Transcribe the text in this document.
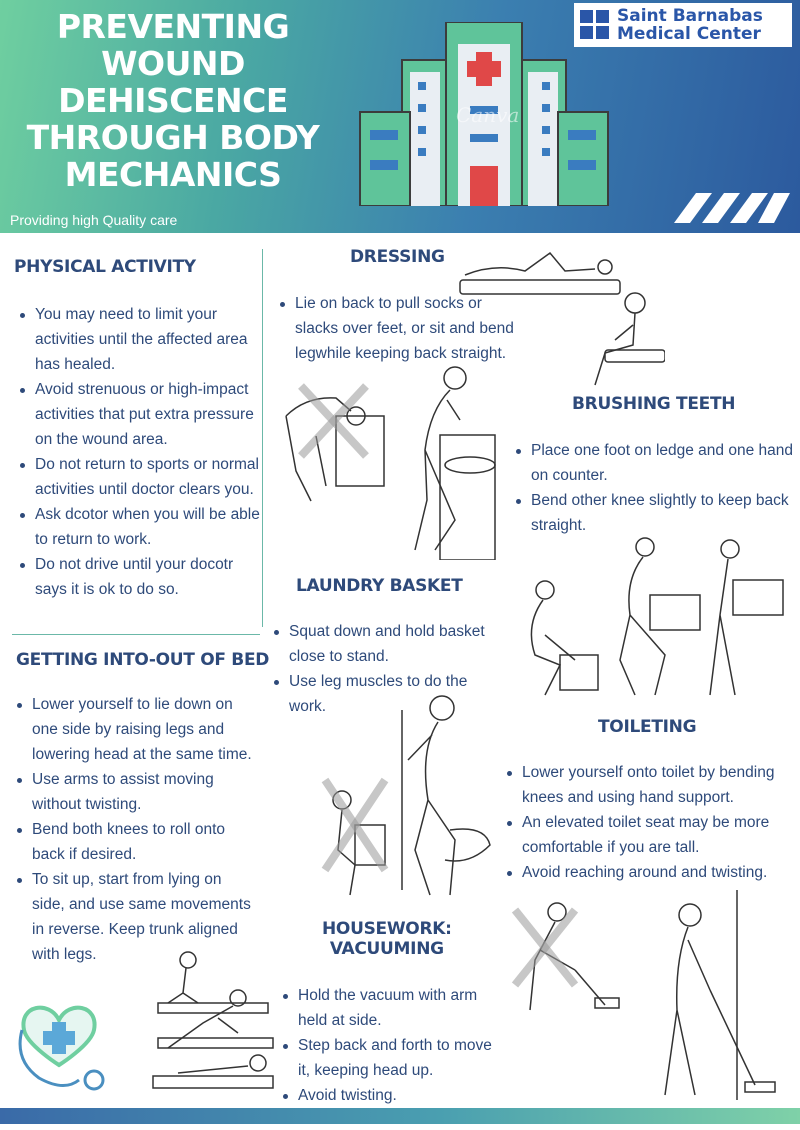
PREVENTING WOUND DEHISCENCE THROUGH BODY MECHANICS
Canva
Saint Barnabas
Medical Center
Providing high Quality care
PHYSICAL ACTIVITY
You may need to limit your activities until the affected area has healed.
Avoid strenuous or high-impact activities that put extra pressure on the wound area.
Do not return to sports or normal activities until doctor clears you.
Ask dcotor when you will be able to return to work.
Do not drive until your docotr says it is ok to do so.
GETTING INTO-OUT OF BED
Lower yourself to lie down on one side by raising legs and lowering head at the same time.
Use arms to assist moving without twisting.
Bend both knees to roll onto back if desired.
To sit up, start from lying on side, and use same movements in reverse. Keep trunk aligned with legs.
DRESSING
Lie on back to pull socks or slacks over feet, or sit and bend legwhile keeping back straight.
BRUSHING TEETH
Place one foot on ledge and one hand on counter.
Bend other knee slightly to keep back straight.
LAUNDRY BASKET
Squat down and hold basket close to stand.
Use leg muscles to do the work.
TOILETING
Lower yourself onto toilet by bending knees and using hand support.
An elevated toilet seat may be more comfortable if you are tall.
Avoid reaching around and twisting.
HOUSEWORK:
VACUUMING
Hold the vacuum with arm held at side.
Step back and forth to move it, keeping head up.
Avoid twisting.
